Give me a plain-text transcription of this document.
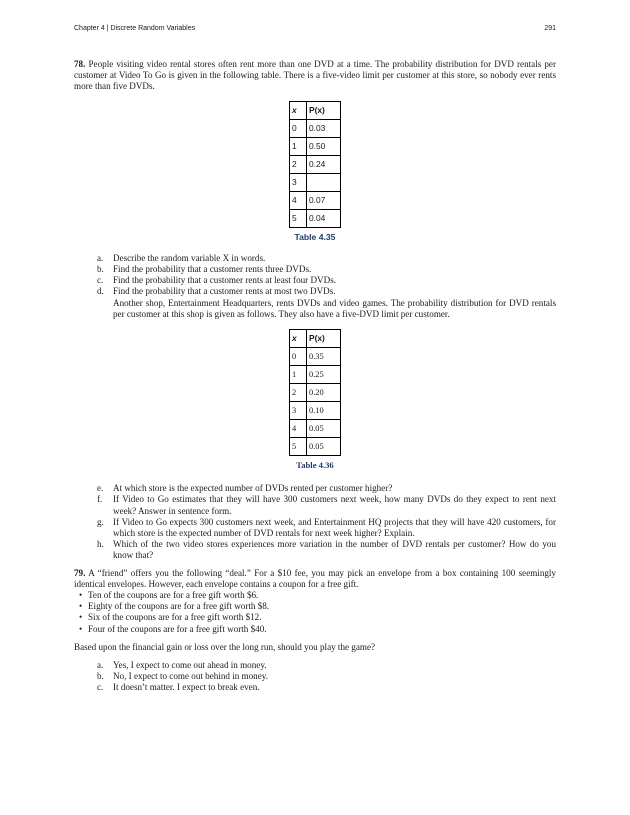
Chapter 4 | Discrete Random Variables	291

78. People visiting video rental stores often rent more than one DVD at a time. The probability distribution for DVD rentals per customer at Video To Go is given in the following table. There is a five-video limit per customer at this store, so nobody ever rents more than five DVDs.

x	P(x)
0	0.03
1	0.50
2	0.24
3	
4	0.07
5	0.04
Table 4.35
a. Describe the random variable X in words.
b. Find the probability that a customer rents three DVDs.
c. Find the probability that a customer rents at least four DVDs.
d. Find the probability that a customer rents at most two DVDs.
Another shop, Entertainment Headquarters, rents DVDs and video games. The probability distribution for DVD rentals per customer at this shop is given as follows. They also have a five-DVD limit per customer.
x	P(x)
0	0.35
1	0.25
2	0.20
3	0.10
4	0.05
5	0.05
Table 4.36
e. At which store is the expected number of DVDs rented per customer higher?
f. If Video to Go estimates that they will have 300 customers next week, how many DVDs do they expect to rent next week? Answer in sentence form.
g. If Video to Go expects 300 customers next week, and Entertainment HQ projects that they will have 420 customers, for which store is the expected number of DVD rentals for next week higher? Explain.
h. Which of the two video stores experiences more variation in the number of DVD rentals per customer? How do you know that?

79. A “friend” offers you the following “deal.” For a $10 fee, you may pick an envelope from a box containing 100 seemingly identical envelopes. However, each envelope contains a coupon for a free gift.

• Ten of the coupons are for a free gift worth $6.
• Eighty of the coupons are for a free gift worth $8.
• Six of the coupons are for a free gift worth $12.
• Four of the coupons are for a free gift worth $40.

Based upon the financial gain or loss over the long run, should you play the game?

a. Yes, I expect to come out ahead in money.
b. No, I expect to come out behind in money.
c. It doesn’t matter. I expect to break even.
